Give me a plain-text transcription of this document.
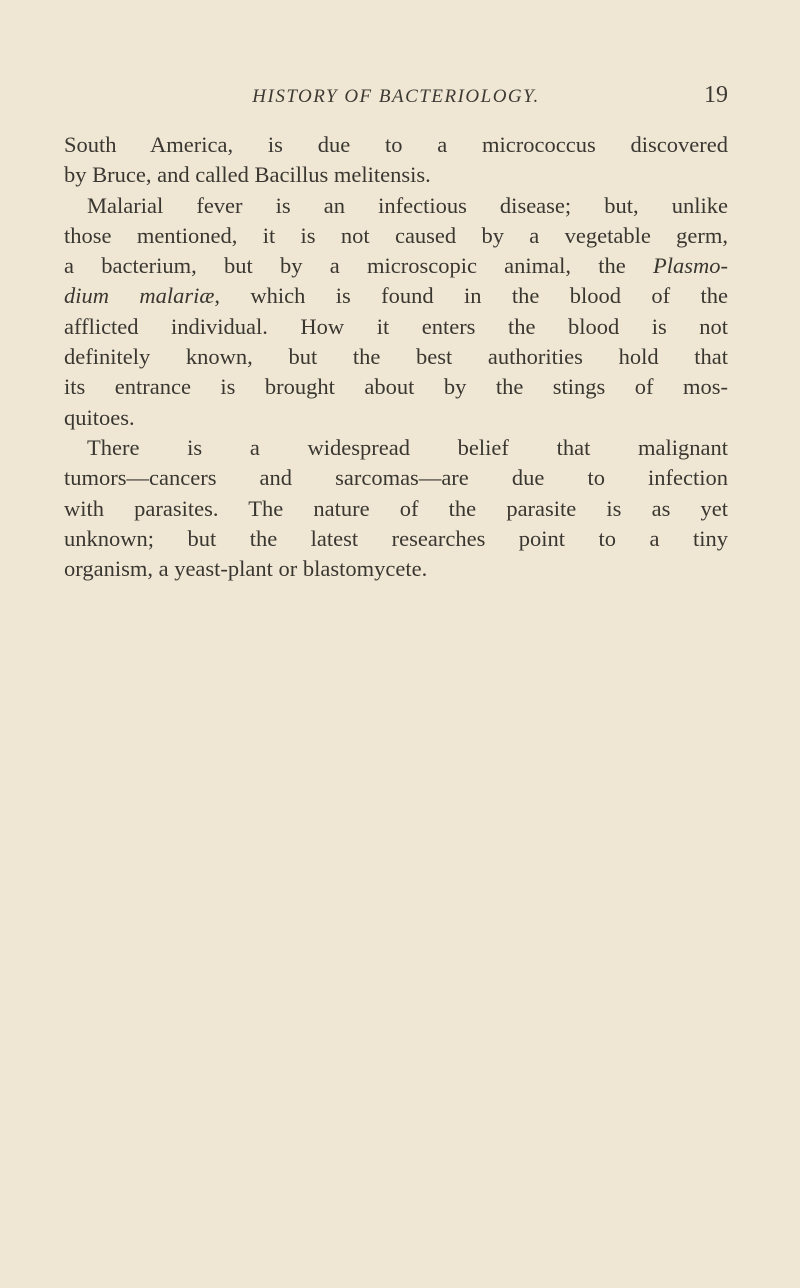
HISTORY OF BACTERIOLOGY.	19
South America, is due to a micrococcus discovered
by Bruce, and called Bacillus melitensis.
Malarial fever is an infectious disease; but, unlike
those mentioned, it is not caused by a vegetable germ,
a bacterium, but by a microscopic animal, the Plasmo-
dium malariæ, which is found in the blood of the
afflicted individual. How it enters the blood is not
definitely known, but the best authorities hold that
its entrance is brought about by the stings of mos-
quitoes.
There is a widespread belief that malignant
tumors—cancers and sarcomas—are due to infection
with parasites. The nature of the parasite is as yet
unknown; but the latest researches point to a tiny
organism, a yeast-plant or blastomycete.
